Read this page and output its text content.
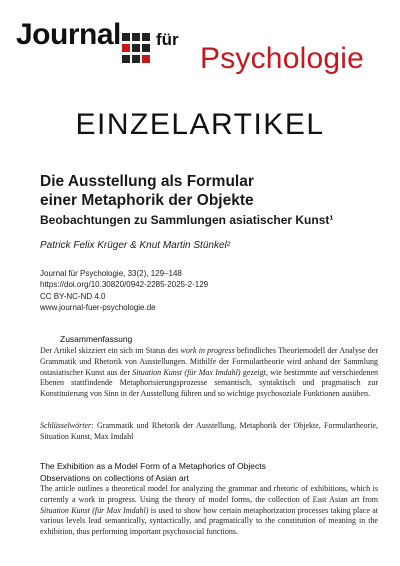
Journal für
Psychologie
EINZELARTIKEL
Die Ausstellung als Formular
einer Metaphorik der Objekte
Beobachtungen zu Sammlungen asiatischer Kunst¹
Patrick Felix Krüger & Knut Martin Stünkel²
Journal für Psychologie, 33(2), 129–148
https://doi.org/10.30820/0942-2285-2025-2-129
CC BY-NC-ND 4.0
www.journal-fuer-psychologie.de
Zusammenfassung
Der Artikel skizziert ein sich im Status des work in progress befindliches Theoriemodell der Analyse der Grammatik und Rhetorik von Ausstellungen. Mithilfe der Formulartheorie wird anhand der Sammlung ostasiatischer Kunst aus der Situation Kunst (für Max Imdahl) gezeigt, wie bestimmte auf verschiedenen Ebenen stattfindende Metaphorisierungsprozesse semantisch, syntaktisch und pragmatisch zur Konstituierung von Sinn in der Ausstellung führen und so wichtige psychosoziale Funktionen ausüben.
Schlüsselwörter: Grammatik und Rhetorik der Ausstellung, Metaphorik der Objekte, Formulartheorie, Situation Kunst, Max Imdahl
The Exhibition as a Model Form of a Metaphorics of Objects
Observations on collections of Asian art
The article outlines a theoretical model for analyzing the grammar and rhetoric of exhibitions, which is currently a work in progress. Using the theory of model forms, the collection of East Asian art from Situation Kunst (für Max Imdahl) is used to show how certain metaphorization processes taking place at various levels lead semantically, syntactically, and pragmatically to the constitution of meaning in the exhibition, thus performing important psychosocial functions.
